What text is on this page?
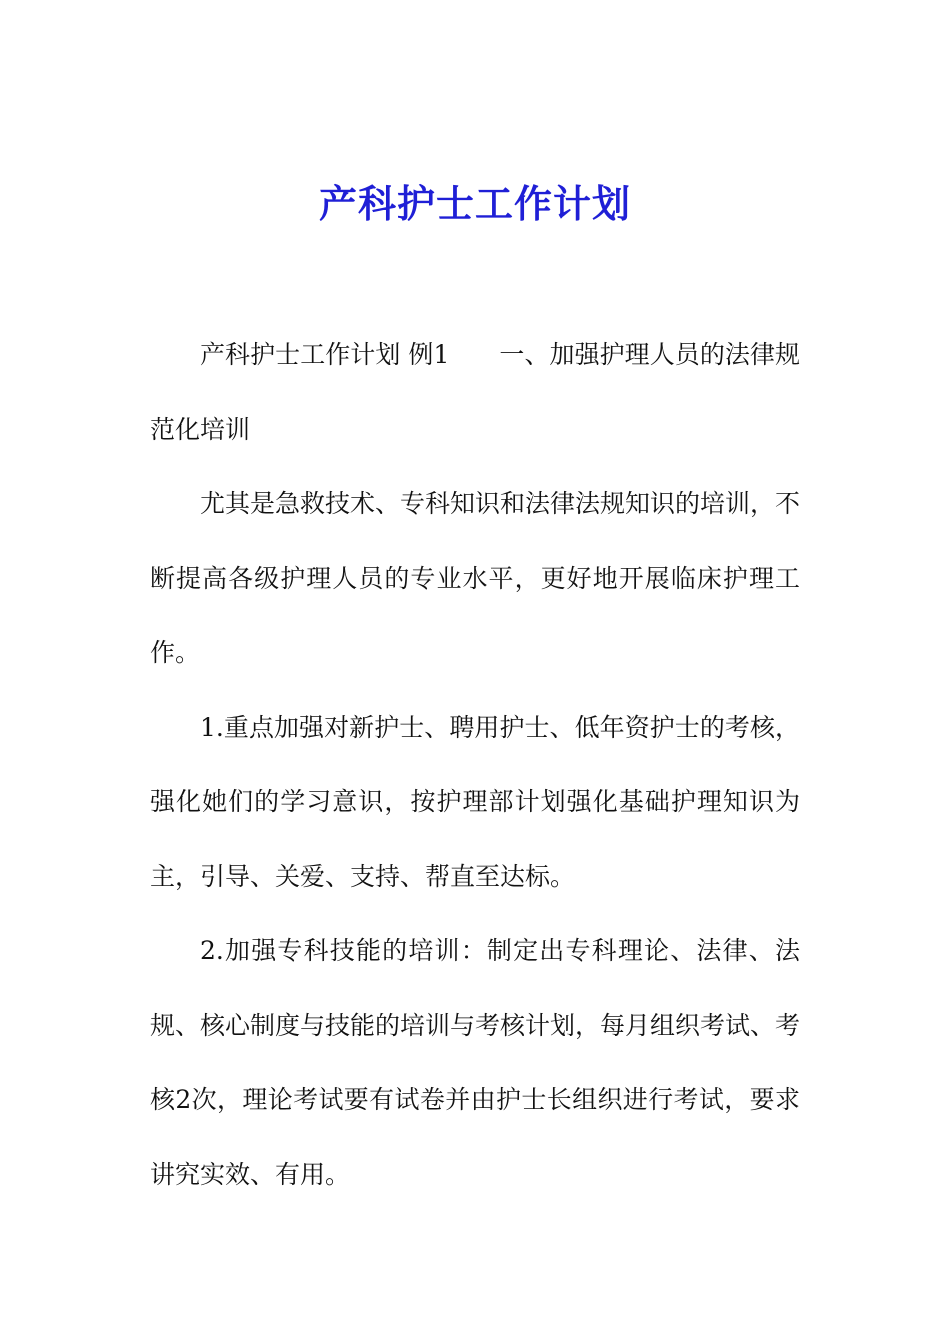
产科护士工作计划

产科护士工作计划 例1 一、加强护理人员的法律规范化培训

尤其是急救技术、专科知识和法律法规知识的培训，不断提高各级护理人员的专业水平，更好地开展临床护理工作。

1.重点加强对新护士、聘用护士、低年资护士的考核，强化她们的学习意识，按护理部计划强化基础护理知识为主，引导、关爱、支持、帮直至达标。

2.加强专科技能的培训：制定出专科理论、法律、法规、核心制度与技能的培训与考核计划，每月组织考试、考核2次，理论考试要有试卷并由护士长组织进行考试，要求讲究实效、有用。
